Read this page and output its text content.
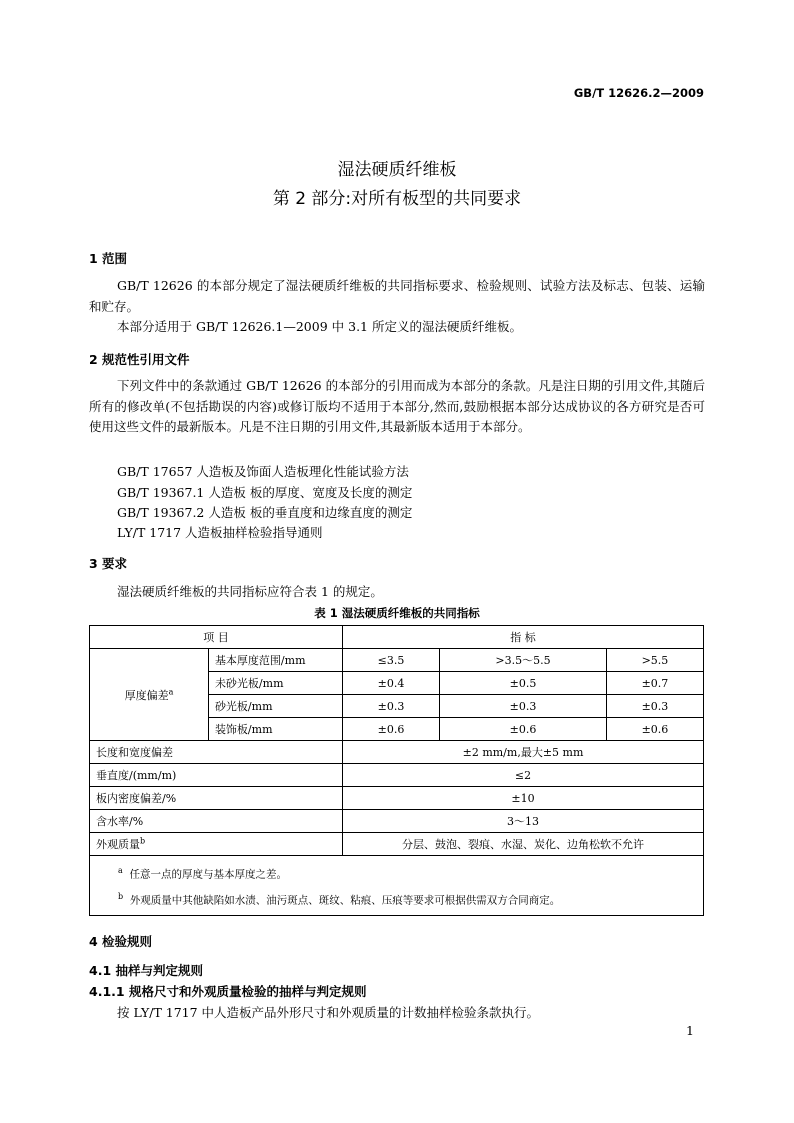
GB/T 12626.2—2009
湿法硬质纤维板
第 2 部分:对所有板型的共同要求
1 范围
GB/T 12626 的本部分规定了湿法硬质纤维板的共同指标要求、检验规则、试验方法及标志、包装、运输和贮存。
本部分适用于 GB/T 12626.1—2009 中 3.1 所定义的湿法硬质纤维板。
2 规范性引用文件
下列文件中的条款通过 GB/T 12626 的本部分的引用而成为本部分的条款。凡是注日期的引用文件,其随后所有的修改单(不包括勘误的内容)或修订版均不适用于本部分,然而,鼓励根据本部分达成协议的各方研究是否可使用这些文件的最新版本。凡是不注日期的引用文件,其最新版本适用于本部分。
GB/T 17657 人造板及饰面人造板理化性能试验方法
GB/T 19367.1 人造板 板的厚度、宽度及长度的测定
GB/T 19367.2 人造板 板的垂直度和边缘直度的测定
LY/T 1717 人造板抽样检验指导通则
3 要求
湿法硬质纤维板的共同指标应符合表 1 的规定。
表 1 湿法硬质纤维板的共同指标
项 目		指 标		
厚度偏差$^a$	基本厚度范围/mm	≤3.5	>3.5～5.5	>5.5
	未砂光板/mm	±0.4	±0.5	±0.7
	砂光板/mm	±0.3	±0.3	±0.3
	装饰板/mm	±0.6	±0.6	±0.6
长度和宽度偏差		±2 mm/m,最大±5 mm		
垂直度/(mm/m)		≤2		
板内密度偏差/%		±10		
含水率/%		3～13		
外观质量$^b$		分层、鼓泡、裂痕、水湿、炭化、边角松软不允许		

$^a$ 任意一点的厚度与基本厚度之差。
$^b$ 外观质量中其他缺陷如水渍、油污斑点、斑纹、粘痕、压痕等要求可根据供需双方合同商定。				
4 检验规则
4.1 抽样与判定规则
4.1.1 规格尺寸和外观质量检验的抽样与判定规则
按 LY/T 1717 中人造板产品外形尺寸和外观质量的计数抽样检验条款执行。
1
